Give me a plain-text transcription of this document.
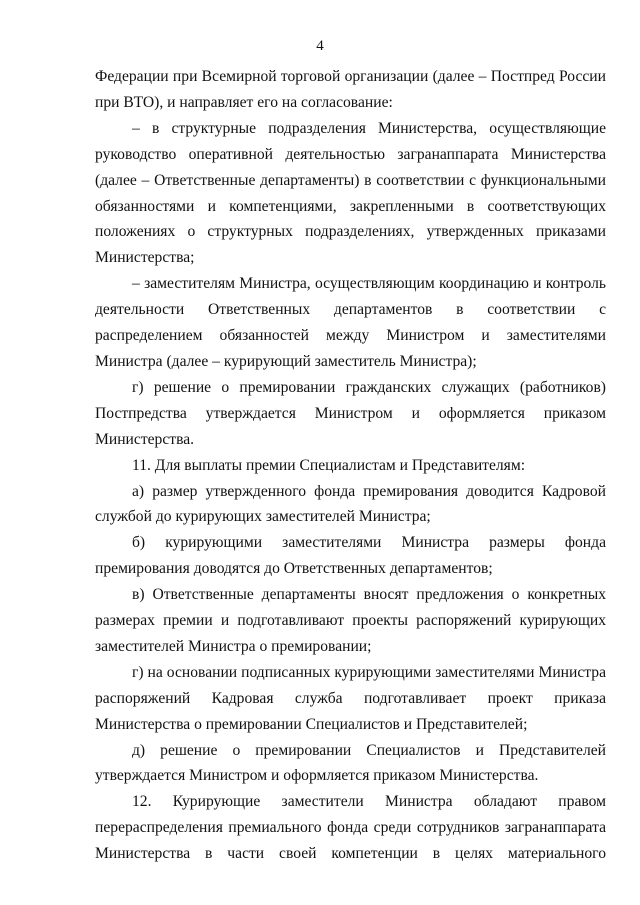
4

Федерации при Всемирной торговой организации (далее – Постпред России при ВТО), и направляет его на согласование:

– в структурные подразделения Министерства, осуществляющие руководство оперативной деятельностью загранаппарата Министерства (далее – Ответственные департаменты) в соответствии с функциональными обязанностями и компетенциями, закрепленными в соответствующих положениях о структурных подразделениях, утвержденных приказами Министерства;

– заместителям Министра, осуществляющим координацию и контроль деятельности Ответственных департаментов в соответствии с распределением обязанностей между Министром и заместителями Министра (далее – курирующий заместитель Министра);

г) решение о премировании гражданских служащих (работников) Постпредства утверждается Министром и оформляется приказом Министерства.

11. Для выплаты премии Специалистам и Представителям:

а) размер утвержденного фонда премирования доводится Кадровой службой до курирующих заместителей Министра;

б) курирующими заместителями Министра размеры фонда премирования доводятся до Ответственных департаментов;

в) Ответственные департаменты вносят предложения о конкретных размерах премии и подготавливают проекты распоряжений курирующих заместителей Министра о премировании;

г) на основании подписанных курирующими заместителями Министра распоряжений Кадровая служба подготавливает проект приказа Министерства о премировании Специалистов и Представителей;

д) решение о премировании Специалистов и Представителей утверждается Министром и оформляется приказом Министерства.

12. Курирующие заместители Министра обладают правом перераспределения премиального фонда среди сотрудников загранаппарата Министерства в части своей компетенции в целях материального
